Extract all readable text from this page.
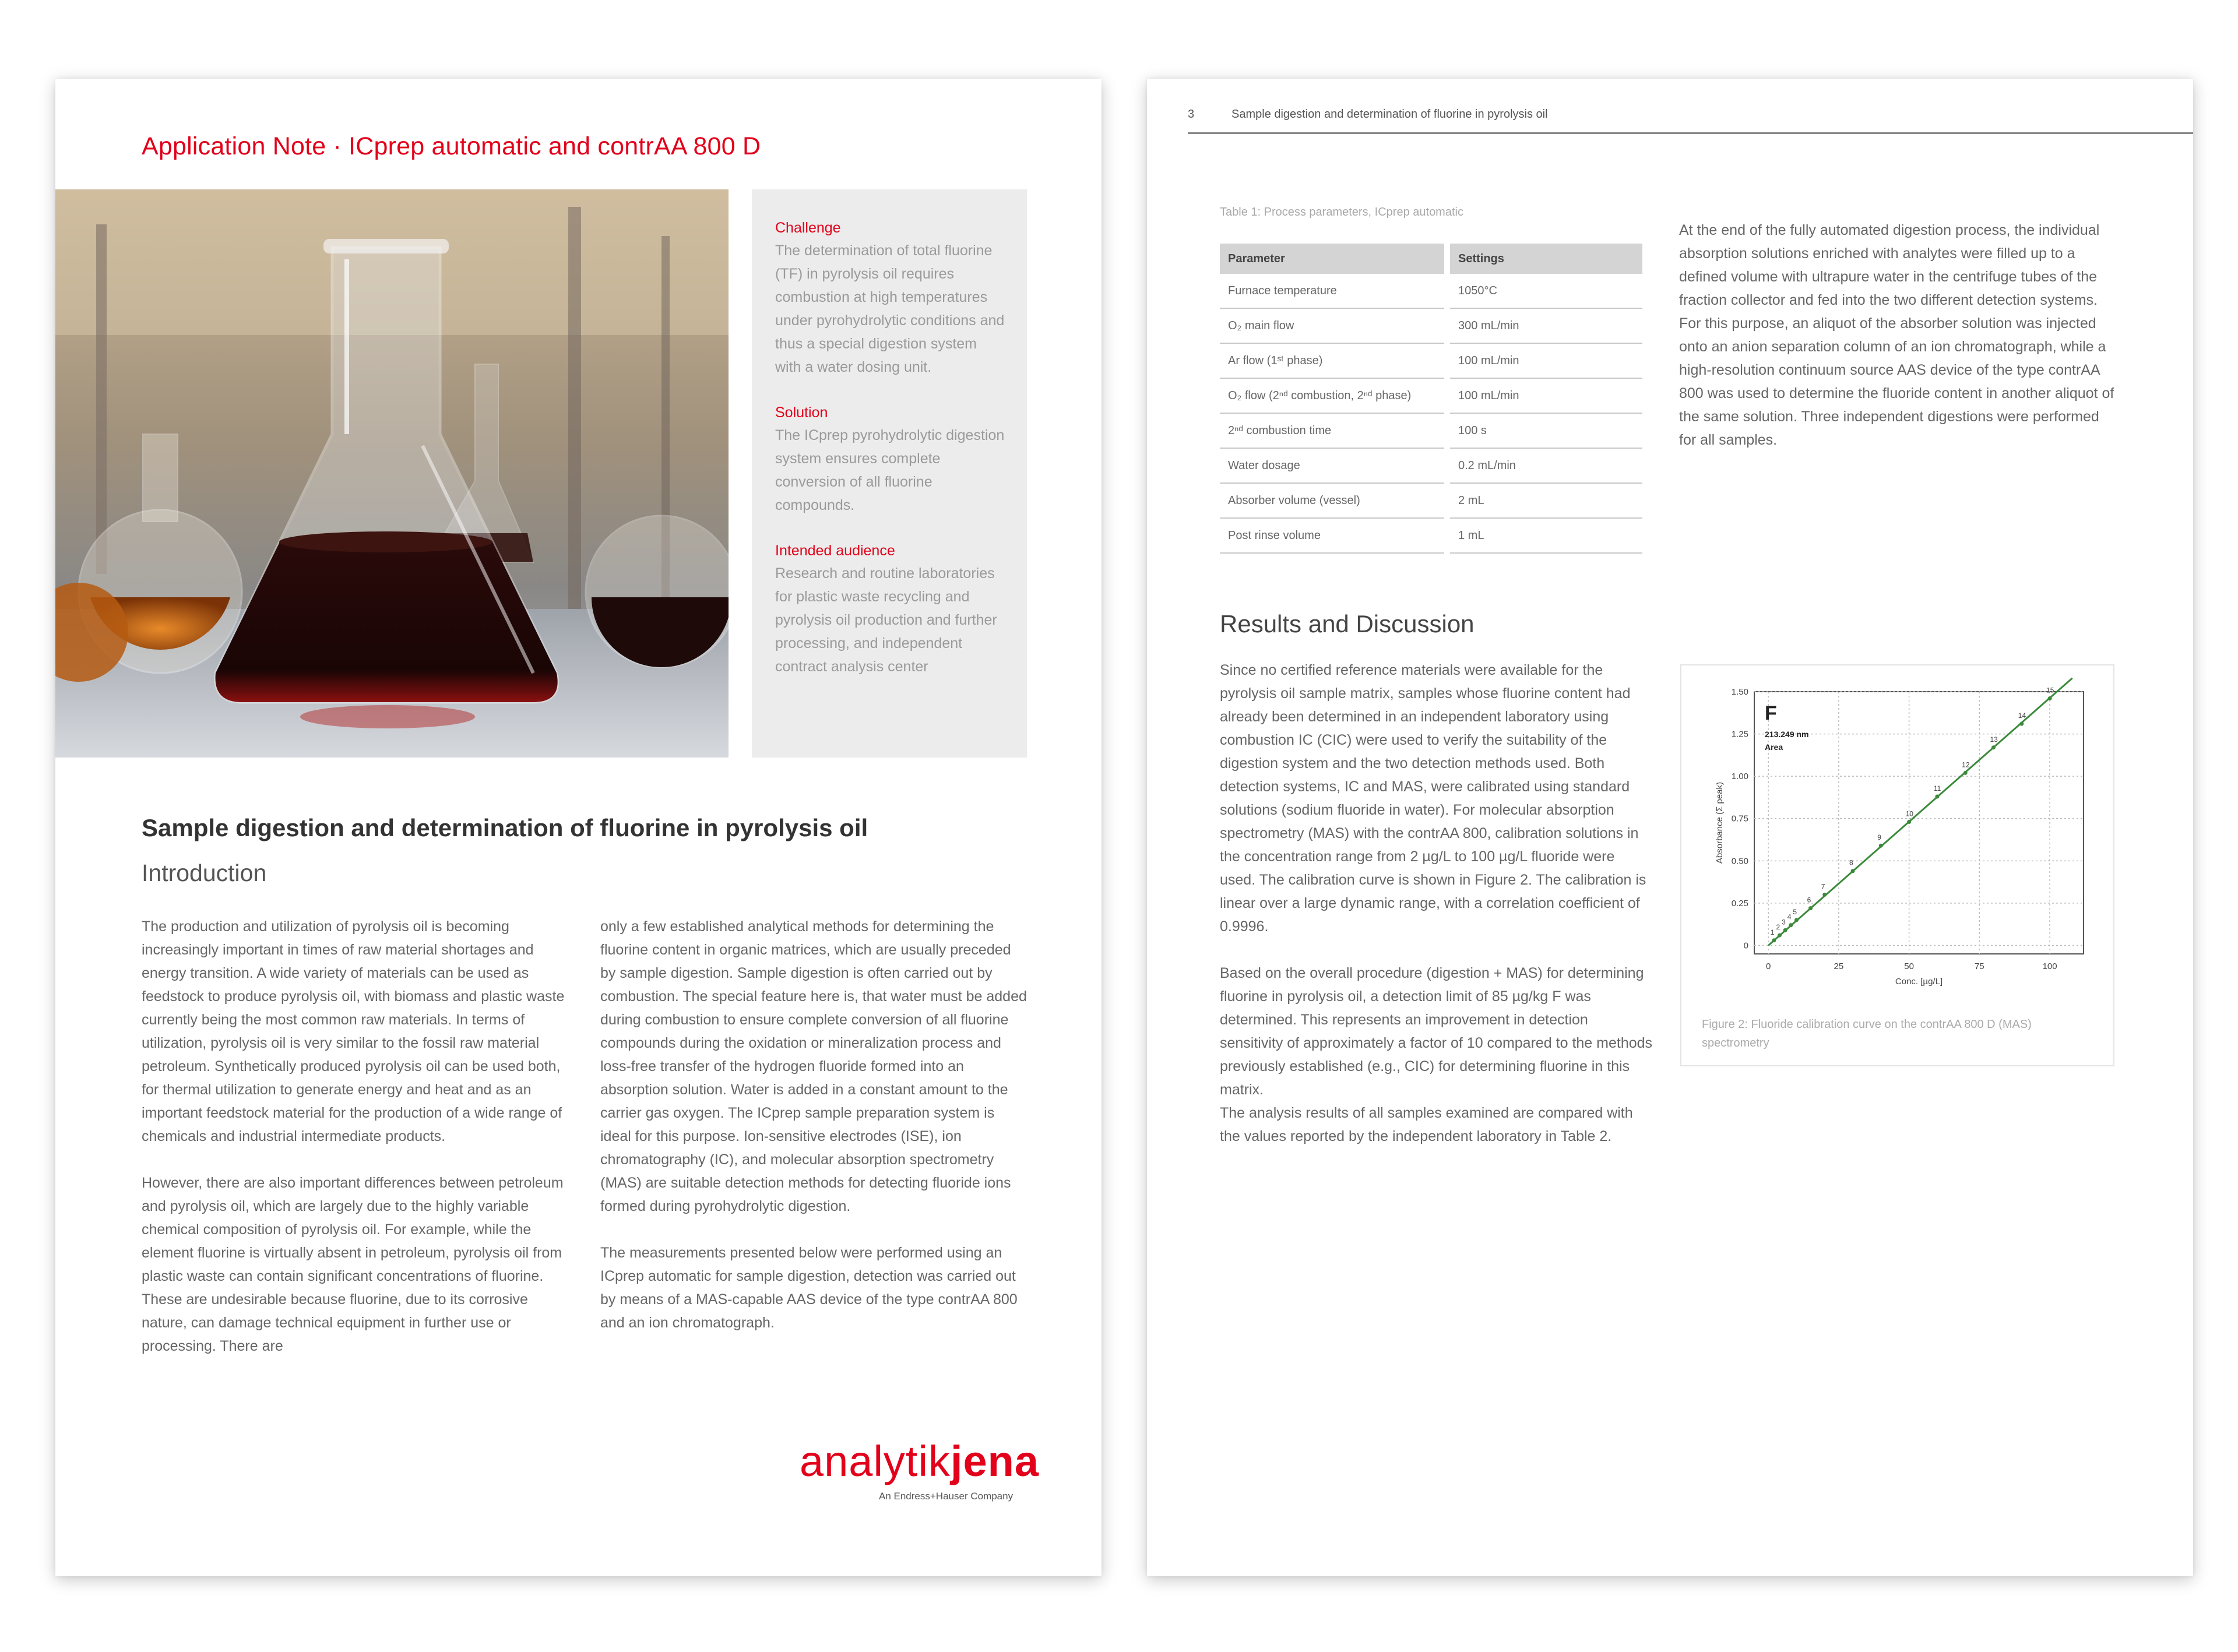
Application Note · ICprep automatic and contrAA 800 D
Challenge
The determination of total fluorine (TF) in pyrolysis oil requires combustion at high temperatures under pyrohydrolytic conditions and thus a special digestion system with a water dosing unit.
Solution
The ICprep pyrohydrolytic digestion system ensures complete conversion of all fluorine compounds.
Intended audience
Research and routine laboratories for plastic waste recycling and pyrolysis oil production and further processing, and independent contract analysis center
Sample digestion and determination of fluorine in pyrolysis oil
Introduction

The production and utilization of pyrolysis oil is becoming increasingly important in times of raw material shortages and energy transition. A wide variety of materials can be used as feedstock to produce pyrolysis oil, with biomass and plastic waste currently being the most common raw materials. In terms of utilization, pyrolysis oil is very similar to the fossil raw material petroleum. Synthetically produced pyrolysis oil can be used both, for thermal utilization to generate energy and heat and as an important feedstock material for the production of a wide range of chemicals and industrial intermediate products.

However, there are also important differences between petroleum and pyrolysis oil, which are largely due to the highly variable chemical composition of pyrolysis oil. For example, while the element fluorine is virtually absent in petroleum, pyrolysis oil from plastic waste can contain significant concentrations of fluorine. These are undesirable because fluorine, due to its corrosive nature, can damage technical equipment in further use or processing. There are

only a few established analytical methods for determining the fluorine content in organic matrices, which are usually preceded by sample digestion. Sample digestion is often carried out by combustion. The special feature here is, that water must be added during combustion to ensure complete conversion of all fluorine compounds during the oxidation or mineralization process and loss-free transfer of the hydrogen fluoride formed into an absorption solution. Water is added in a constant amount to the carrier gas oxygen. The ICprep sample preparation system is ideal for this purpose. Ion-sensitive electrodes (ISE), ion chromatography (IC), and molecular absorption spectrometry (MAS) are suitable detection methods for detecting fluoride ions formed during pyrohydrolytic digestion.

The measurements presented below were performed using an ICprep automatic for sample digestion, detection was carried out by means of a MAS-capable AAS device of the type contrAA 800 and an ion chromatograph.

analytikjena
An Endress+Hauser Company
3	Sample digestion and determination of fluorine in pyrolysis oil
Table 1: Process parameters, ICprep automatic
Parameter	Settings
Furnace temperature	1050°C
O₂ main flow	300 mL/min
Ar flow (1ˢᵗ phase)	100 mL/min
O₂ flow (2ⁿᵈ combustion, 2ⁿᵈ phase)	100 mL/min
2ⁿᵈ combustion time	100 s
Water dosage	0.2 mL/min
Absorber volume (vessel)	2 mL
Post rinse volume	1 mL
At the end of the fully automated digestion process, the individual absorption solutions enriched with analytes were filled up to a defined volume with ultrapure water in the centrifuge tubes of the fraction collector and fed into the two different detection systems. For this purpose, an aliquot of the absorber solution was injected onto an anion separation column of an ion chromatograph, while a high-resolution continuum source AAS device of the type contrAA 800 was used to determine the fluoride content in another aliquot of the same solution. Three independent digestions were performed for all samples.
Results and Discussion

Since no certified reference materials were available for the pyrolysis oil sample matrix, samples whose fluorine content had already been determined in an independent laboratory using combustion IC (CIC) were used to verify the suitability of the digestion system and the two detection methods used. Both detection systems, IC and MAS, were calibrated using standard solutions (sodium fluoride in water). For molecular absorption spectrometry (MAS) with the contrAA 800, calibration solutions in the concentration range from 2 µg/L to 100 µg/L fluoride were used. The calibration curve is shown in Figure 2. The calibration is linear over a large dynamic range, with a correlation coefficient of 0.9996.

Based on the overall procedure (digestion + MAS) for determining fluorine in pyrolysis oil, a detection limit of 85 µg/kg F was determined. This represents an improvement in detection sensitivity of approximately a factor of 10 compared to the methods previously established (e.g., CIC) for determining fluorine in this matrix.

The analysis results of all samples examined are compared with the values reported by the independent laboratory in Table 2.

0	25	50	75	100
0
0.25
0.50
0.75
1.00
1.25
1.50
Conc. [µg/L]
Absorbance (Σ peak)
F
213.249 nm
Area
1
2
3
4
5
6
7
8
9
10
11
12
13
14
15
Figure 2: Fluoride calibration curve on the contrAA 800 D (MAS) spectrometry
